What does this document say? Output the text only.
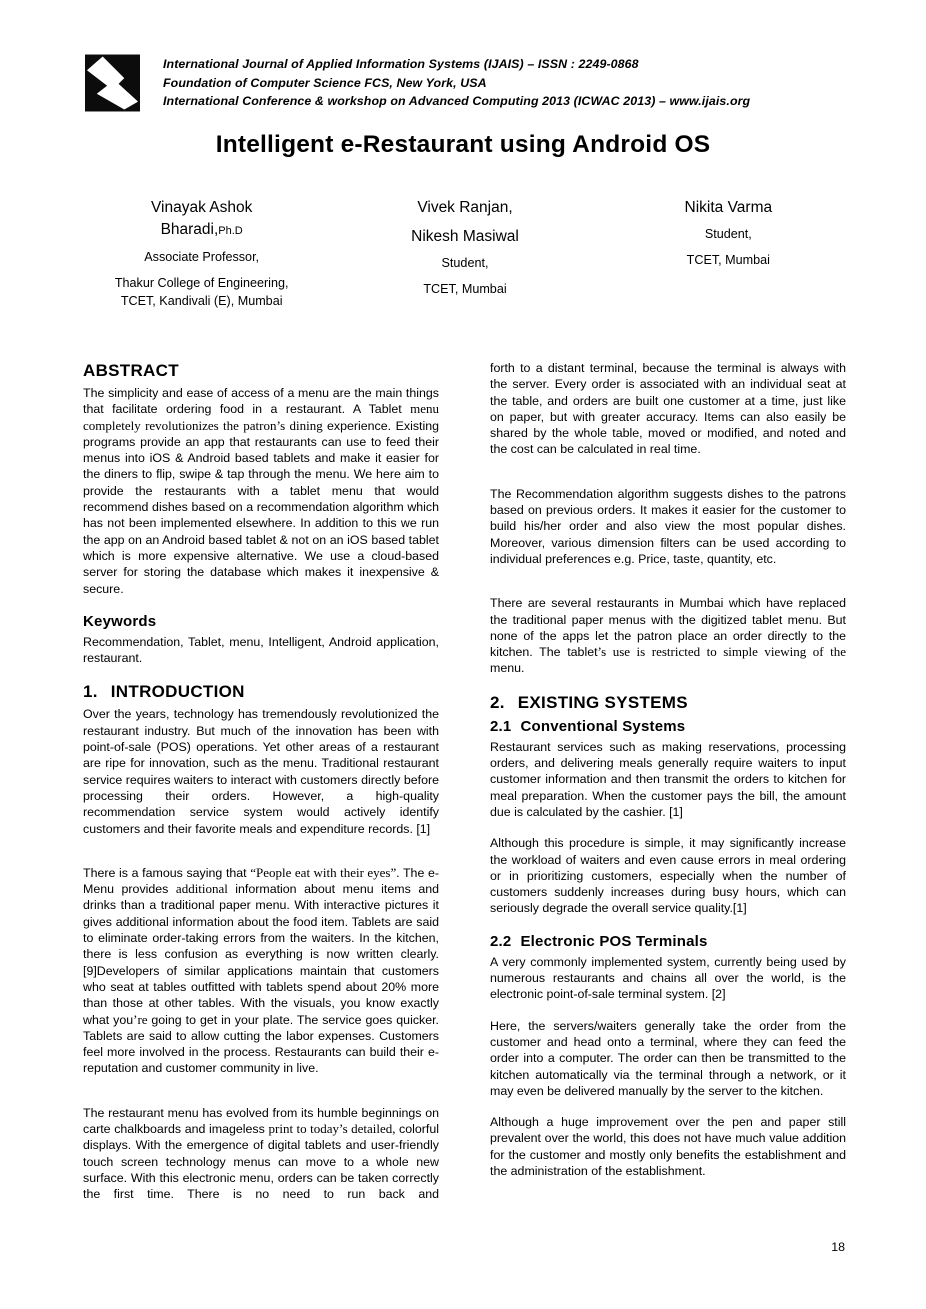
International Journal of Applied Information Systems (IJAIS) – ISSN : 2249-0868
Foundation of Computer Science FCS, New York, USA
International Conference & workshop on Advanced Computing 2013 (ICWAC 2013) – www.ijais.org
Intelligent e-Restaurant using Android OS
Vinayak Ashok
Bharadi,Ph.D
Associate Professor,
Thakur College of Engineering,
TCET, Kandivali (E), Mumbai
Vivek Ranjan,
Nikesh Masiwal
Student,
TCET, Mumbai
Nikita Varma
Student,
TCET, Mumbai
ABSTRACT

The simplicity and ease of access of a menu are the main things that facilitate ordering food in a restaurant. A Tablet menu completely revolutionizes the patron’s dining experience. Existing programs provide an app that restaurants can use to feed their menus into iOS & Android based tablets and make it easier for the diners to flip, swipe & tap through the menu. We here aim to provide the restaurants with a tablet menu that would recommend dishes based on a recommendation algorithm which has not been implemented elsewhere. In addition to this we run the app on an Android based tablet & not on an iOS based tablet which is more expensive alternative. We use a cloud-based server for storing the database which makes it inexpensive & secure.

Keywords

Recommendation, Tablet, menu, Intelligent, Android application, restaurant.

1. INTRODUCTION

Over the years, technology has tremendously revolutionized the restaurant industry. But much of the innovation has been with point-of-sale (POS) operations. Yet other areas of a restaurant are ripe for innovation, such as the menu. Traditional restaurant service requires waiters to interact with customers directly before processing their orders. However, a high-quality recommendation service system would actively identify customers and their favorite meals and expenditure records. [1]

There is a famous saying that “People eat with their eyes”. The e-Menu provides additional information about menu items and drinks than a traditional paper menu. With interactive pictures it gives additional information about the food item. Tablets are said to eliminate order-taking errors from the waiters. In the kitchen, there is less confusion as everything is now written clearly. [9]Developers of similar applications maintain that customers who seat at tables outfitted with tablets spend about 20% more than those at other tables. With the visuals, you know exactly what you’re going to get in your plate. The service goes quicker. Tablets are said to allow cutting the labor expenses. Customers feel more involved in the process. Restaurants can build their e-reputation and customer community in live.

The restaurant menu has evolved from its humble beginnings on carte chalkboards and imageless print to today’s detailed, colorful displays. With the emergence of digital tablets and user-friendly touch screen technology menus can move to a whole new surface. With this electronic menu, orders can be taken correctly the first time. There is no need to run back and

forth to a distant terminal, because the terminal is always with the server. Every order is associated with an individual seat at the table, and orders are built one customer at a time, just like on paper, but with greater accuracy. Items can also easily be shared by the whole table, moved or modified, and noted and the cost can be calculated in real time.

The Recommendation algorithm suggests dishes to the patrons based on previous orders. It makes it easier for the customer to build his/her order and also view the most popular dishes. Moreover, various dimension filters can be used according to individual preferences e.g. Price, taste, quantity, etc.

There are several restaurants in Mumbai which have replaced the traditional paper menus with the digitized tablet menu. But none of the apps let the patron place an order directly to the kitchen. The tablet’s use is restricted to simple viewing of the menu.

2. EXISTING SYSTEMS
2.1 Conventional Systems

Restaurant services such as making reservations, processing orders, and delivering meals generally require waiters to input customer information and then transmit the orders to kitchen for meal preparation. When the customer pays the bill, the amount due is calculated by the cashier. [1]

Although this procedure is simple, it may significantly increase the workload of waiters and even cause errors in meal ordering or in prioritizing customers, especially when the number of customers suddenly increases during busy hours, which can seriously degrade the overall service quality.[1]

2.2 Electronic POS Terminals

A very commonly implemented system, currently being used by numerous restaurants and chains all over the world, is the electronic point-of-sale terminal system. [2]

Here, the servers/waiters generally take the order from the customer and head onto a terminal, where they can feed the order into a computer. The order can then be transmitted to the kitchen automatically via the terminal through a network, or it may even be delivered manually by the server to the kitchen.

Although a huge improvement over the pen and paper still prevalent over the world, this does not have much value addition for the customer and mostly only benefits the establishment and the administration of the establishment.

18
